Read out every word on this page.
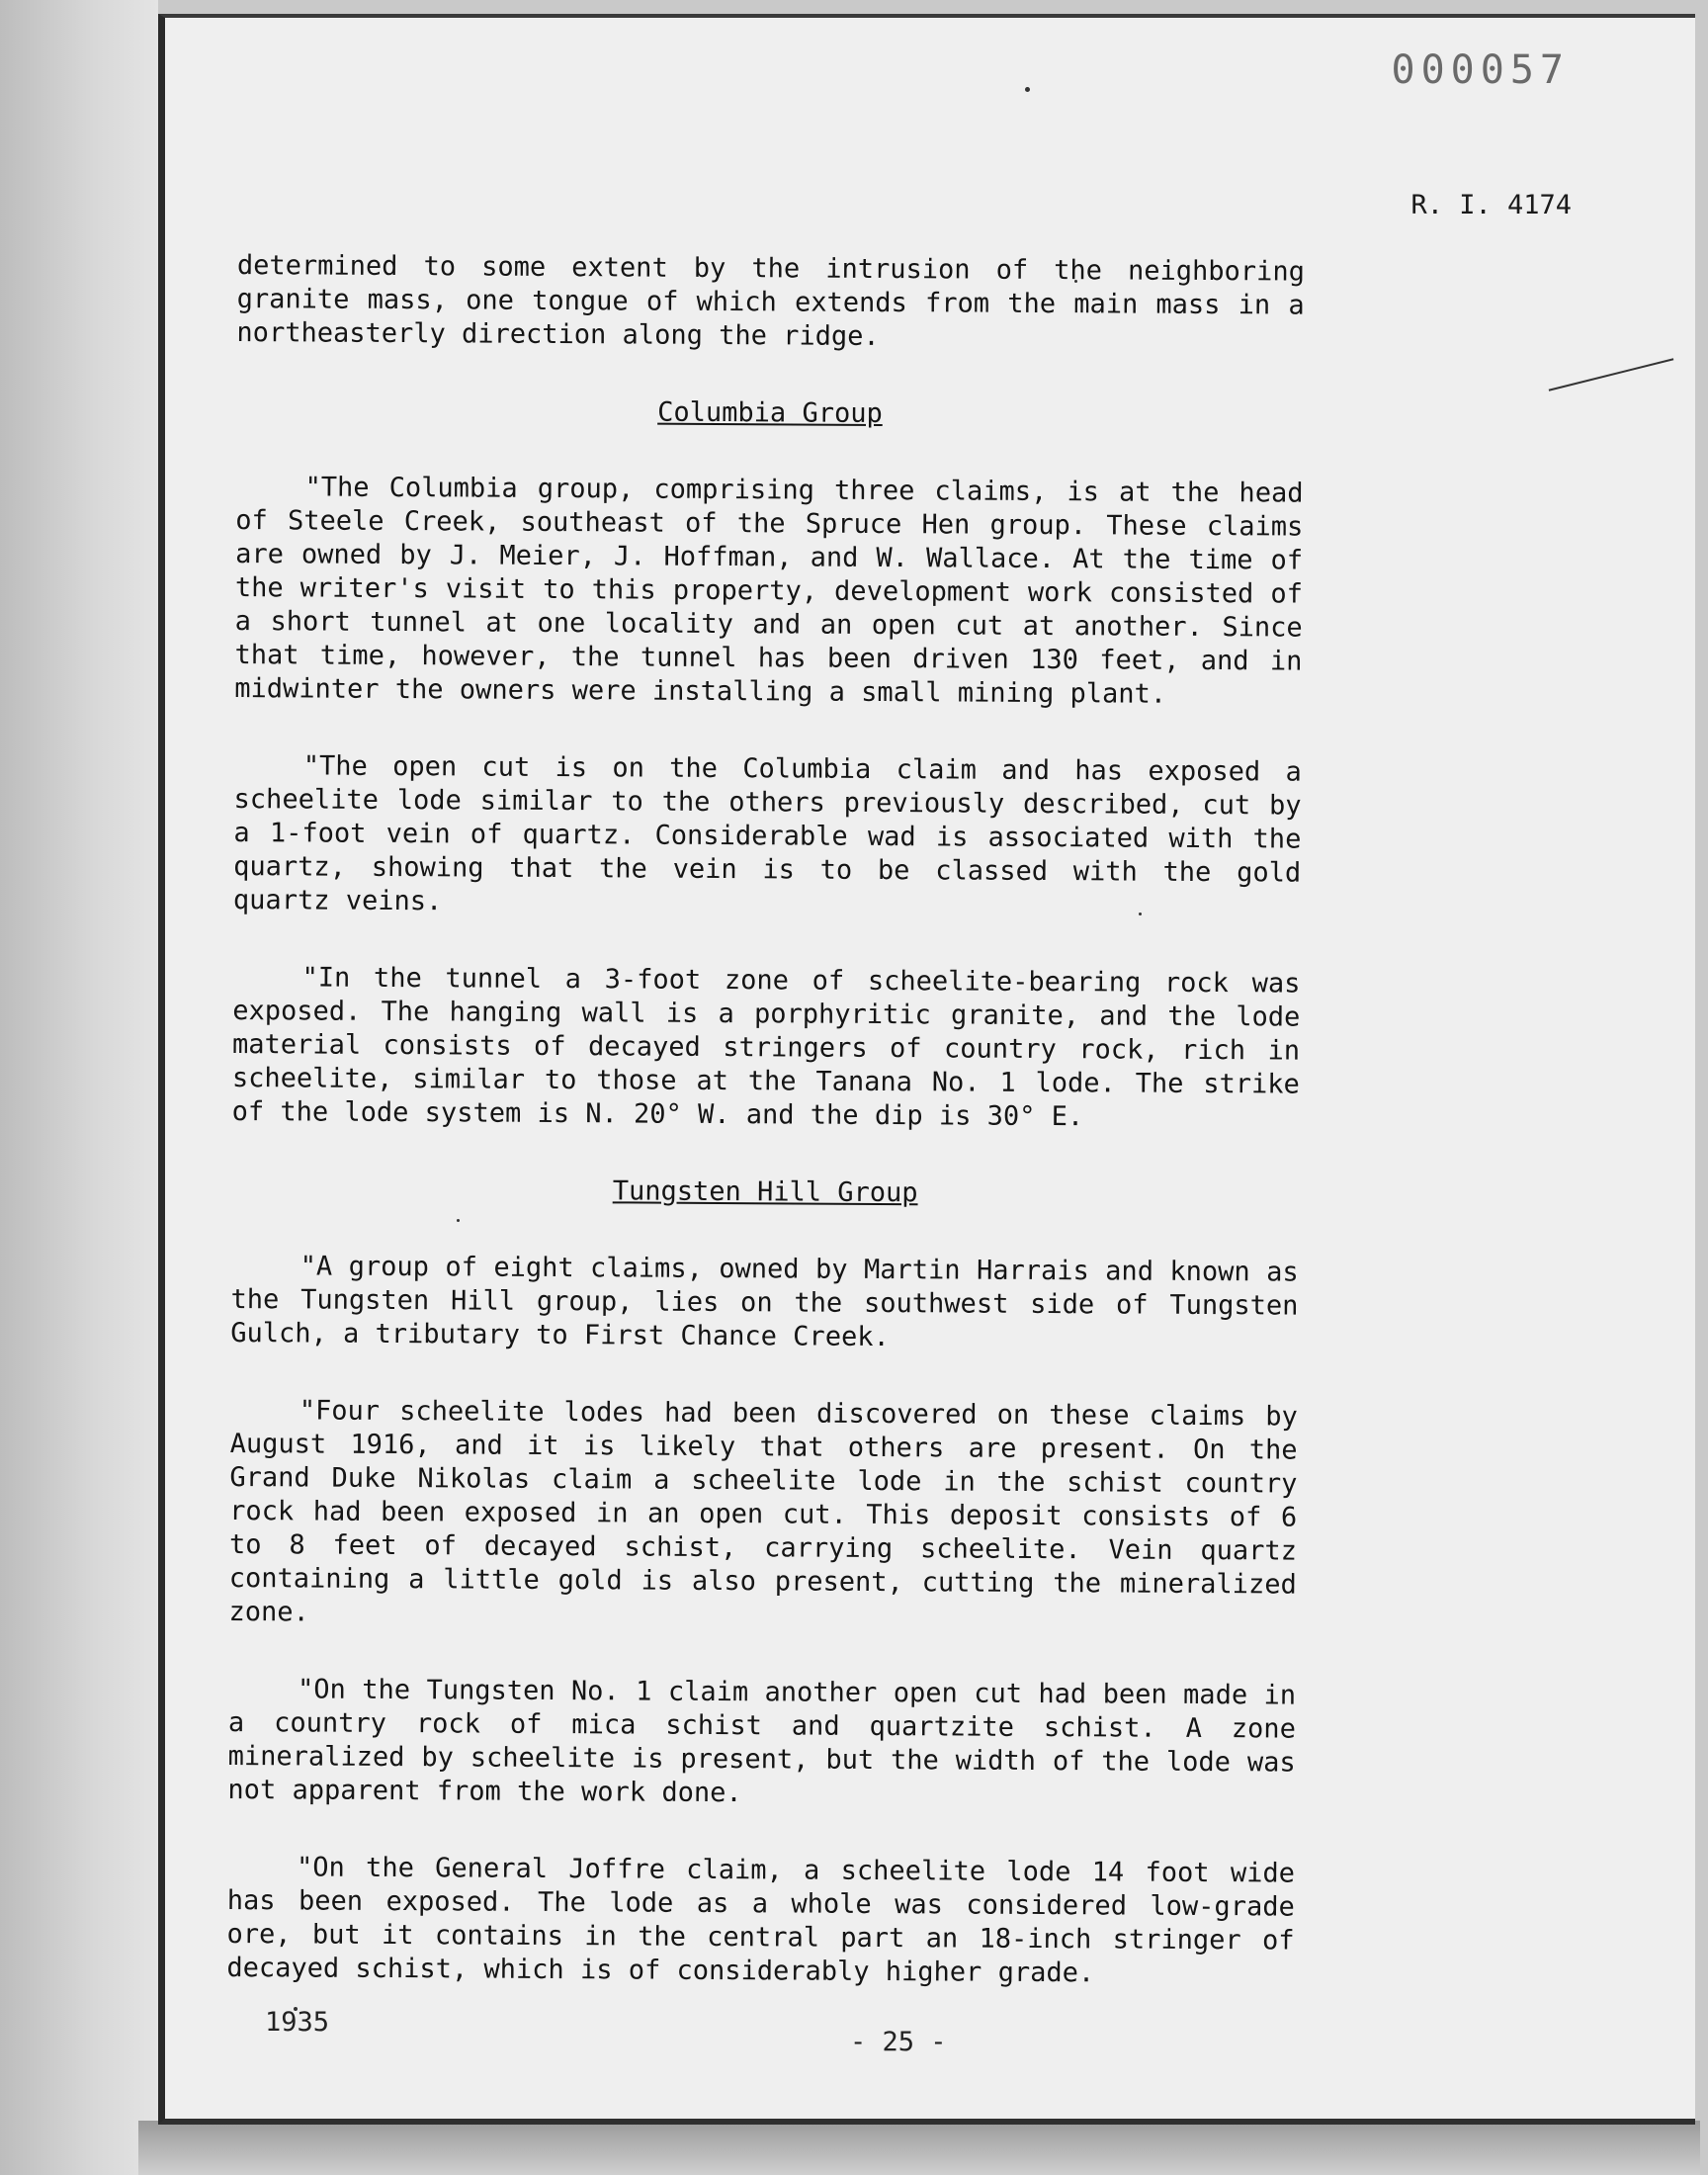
000057
R. I. 4174

determined to some extent by the intrusion of the neighboring granite mass, one tongue of which extends from the main mass in a northeasterly direction along the ridge.

Columbia Group

"The Columbia group, comprising three claims, is at the head of Steele Creek, southeast of the Spruce Hen group. These claims are owned by J. Meier, J. Hoffman, and W. Wallace. At the time of the writer's visit to this property, development work consisted of a short tunnel at one locality and an open cut at another. Since that time, however, the tunnel has been driven 130 feet, and in midwinter the owners were installing a small mining plant.

"The open cut is on the Columbia claim and has exposed a scheelite lode similar to the others previously described, cut by a 1-foot vein of quartz. Considerable wad is associated with the quartz, showing that the vein is to be classed with the gold quartz veins.

"In the tunnel a 3-foot zone of scheelite-bearing rock was exposed. The hanging wall is a porphyritic granite, and the lode material consists of decayed stringers of country rock, rich in scheelite, similar to those at the Tanana No. 1 lode. The strike of the lode system is N. 20° W. and the dip is 30° E.

Tungsten Hill Group

"A group of eight claims, owned by Martin Harrais and known as the Tungsten Hill group, lies on the southwest side of Tungsten Gulch, a tributary to First Chance Creek.

"Four scheelite lodes had been discovered on these claims by August 1916, and it is likely that others are present. On the Grand Duke Nikolas claim a scheelite lode in the schist country rock had been exposed in an open cut. This deposit consists of 6 to 8 feet of decayed schist, carrying scheelite. Vein quartz containing a little gold is also present, cutting the mineralized zone.

"On the Tungsten No. 1 claim another open cut had been made in a country rock of mica schist and quartzite schist. A zone mineralized by scheelite is present, but the width of the lode was not apparent from the work done.

"On the General Joffre claim, a scheelite lode 14 foot wide has been exposed. The lode as a whole was considered low-grade ore, but it contains in the central part an 18-inch stringer of decayed schist, which is of considerably higher grade.

1935
- 25 -
